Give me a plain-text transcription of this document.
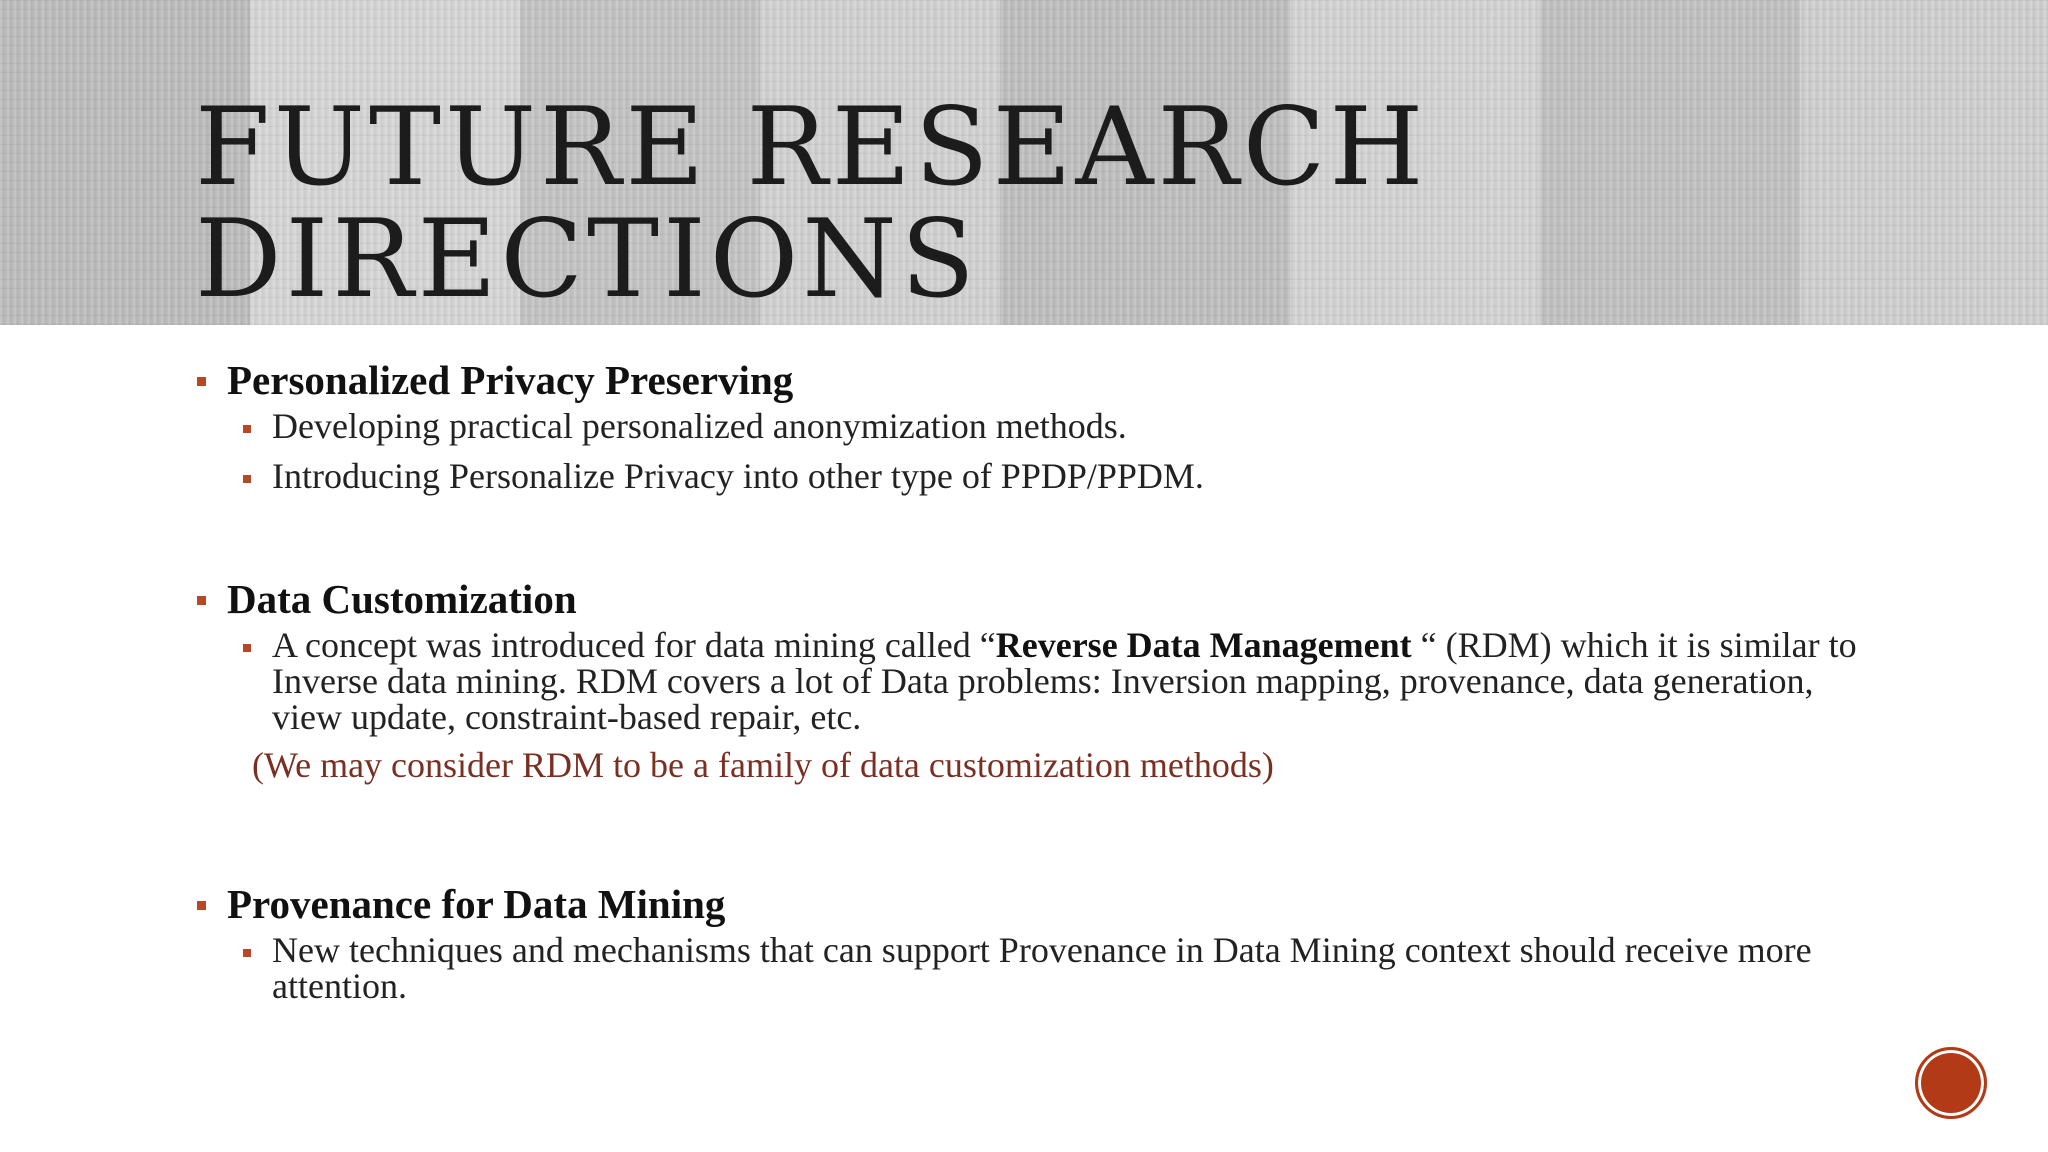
FUTURE RESEARCH DIRECTIONS
Personalized Privacy Preserving
Developing practical personalized anonymization methods.
Introducing Personalize Privacy into other type of PPDP/PPDM.
Data Customization
A concept was introduced for data mining called “Reverse Data Management “ (RDM) which it is similar to Inverse data mining. RDM covers a lot of Data problems: Inversion mapping, provenance, data generation, view update, constraint-based repair, etc.
(We may consider RDM to be a family of data customization methods)
Provenance for Data Mining
New techniques and mechanisms that can support Provenance in Data Mining context should receive more attention.
